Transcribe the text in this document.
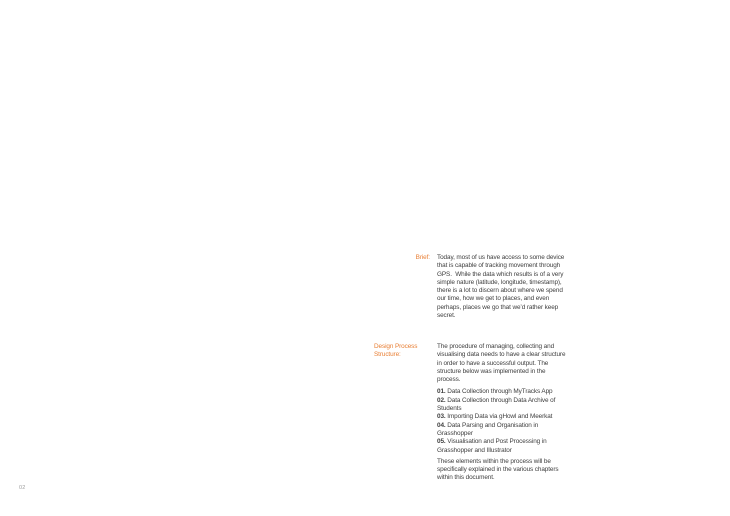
Brief: Today, most of us have access to some device
that is capable of tracking movement through
GPS.  While the data which results is of a very
simple nature (latitude, longitude, timestamp),
there is a lot to discern about where we spend
our time, how we get to places, and even
perhaps, places we go that we’d rather keep
secret.
Design Process
Structure:
The procedure of managing, collecting and
visualising data needs to have a clear structure
in order to have a successful output. The
structure below was implemented in the
process.
01. Data Collection through MyTracks App
02. Data Collection through Data Archive of
Students
03. Importing Data via gHowl and Meerkat
04. Data Parsing and Organisation in
Grasshopper
05. Visualisation and Post Processing in
Grasshopper and Illustrator
These elements within the process will be
specifically explained in the various chapters
within this document.
02
